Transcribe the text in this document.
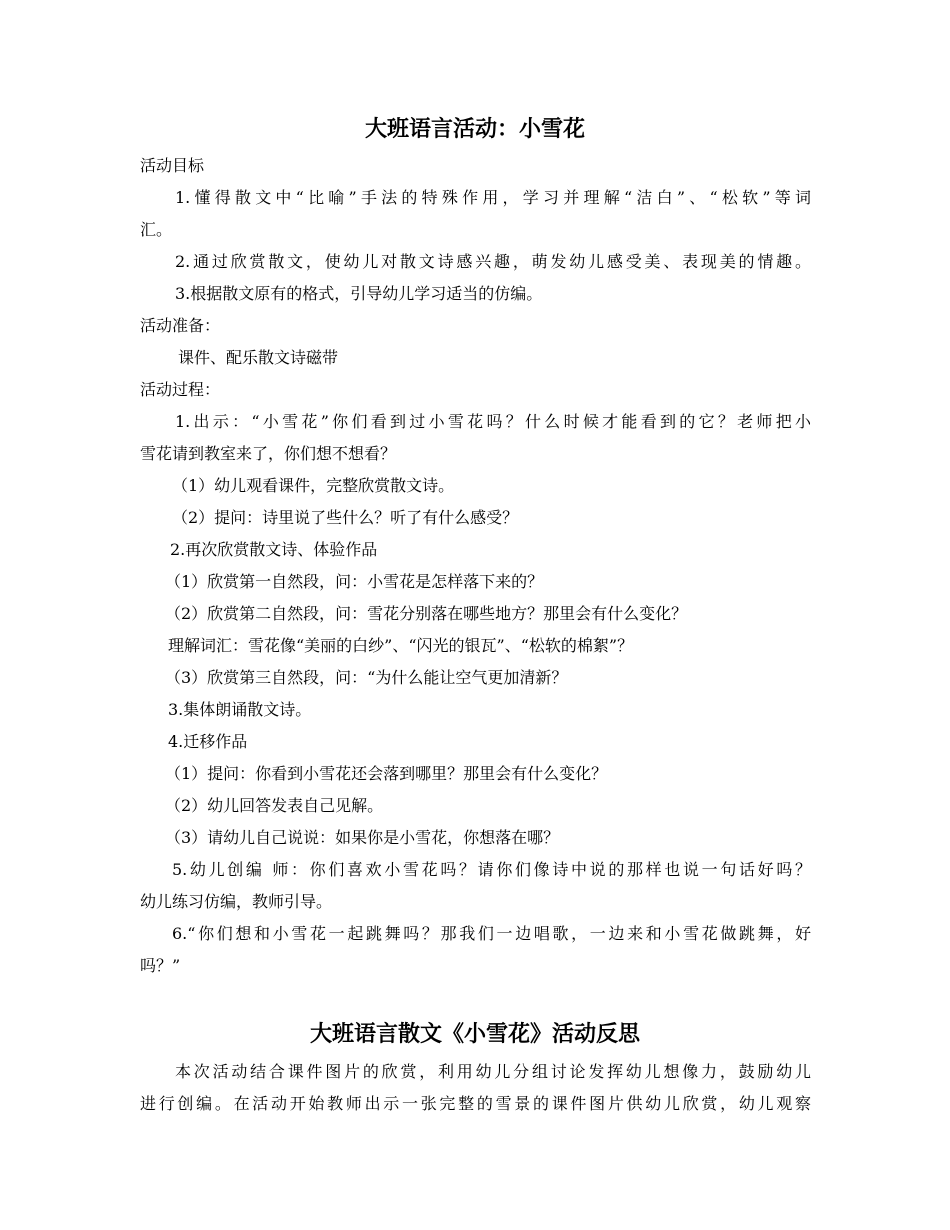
大班语言活动：小雪花
活动目标
1.懂得散文中“比喻”手法的特殊作用，学习并理解“洁白”、“松软”等词
汇。
2.通过欣赏散文，使幼儿对散文诗感兴趣，萌发幼儿感受美、表现美的情趣。
3.根据散文原有的格式，引导幼儿学习适当的仿编。
活动准备：
课件、配乐散文诗磁带
活动过程：
1.出示：“小雪花”你们看到过小雪花吗？什么时候才能看到的它？老师把小
雪花请到教室来了，你们想不想看？
（1）幼儿观看课件，完整欣赏散文诗。
（2）提问：诗里说了些什么？听了有什么感受？
2.再次欣赏散文诗、体验作品
（1）欣赏第一自然段，问：小雪花是怎样落下来的？
（2）欣赏第二自然段，问：雪花分别落在哪些地方？那里会有什么变化？
理解词汇：雪花像“美丽的白纱”、“闪光的银瓦”、“松软的棉絮”？
（3）欣赏第三自然段，问：“为什么能让空气更加清新？
3.集体朗诵散文诗。
4.迁移作品
（1）提问：你看到小雪花还会落到哪里？那里会有什么变化？
（2）幼儿回答发表自己见解。
（3）请幼儿自己说说：如果你是小雪花，你想落在哪？
5.幼儿创编 师：你们喜欢小雪花吗？请你们像诗中说的那样也说一句话好吗？
幼儿练习仿编，教师引导。
6.“你们想和小雪花一起跳舞吗？那我们一边唱歌，一边来和小雪花做跳舞，好
吗？”
大班语言散文《小雪花》活动反思
本次活动结合课件图片的欣赏，利用幼儿分组讨论发挥幼儿想像力，鼓励幼儿
进行创编。在活动开始教师出示一张完整的雪景的课件图片供幼儿欣赏，幼儿观察
